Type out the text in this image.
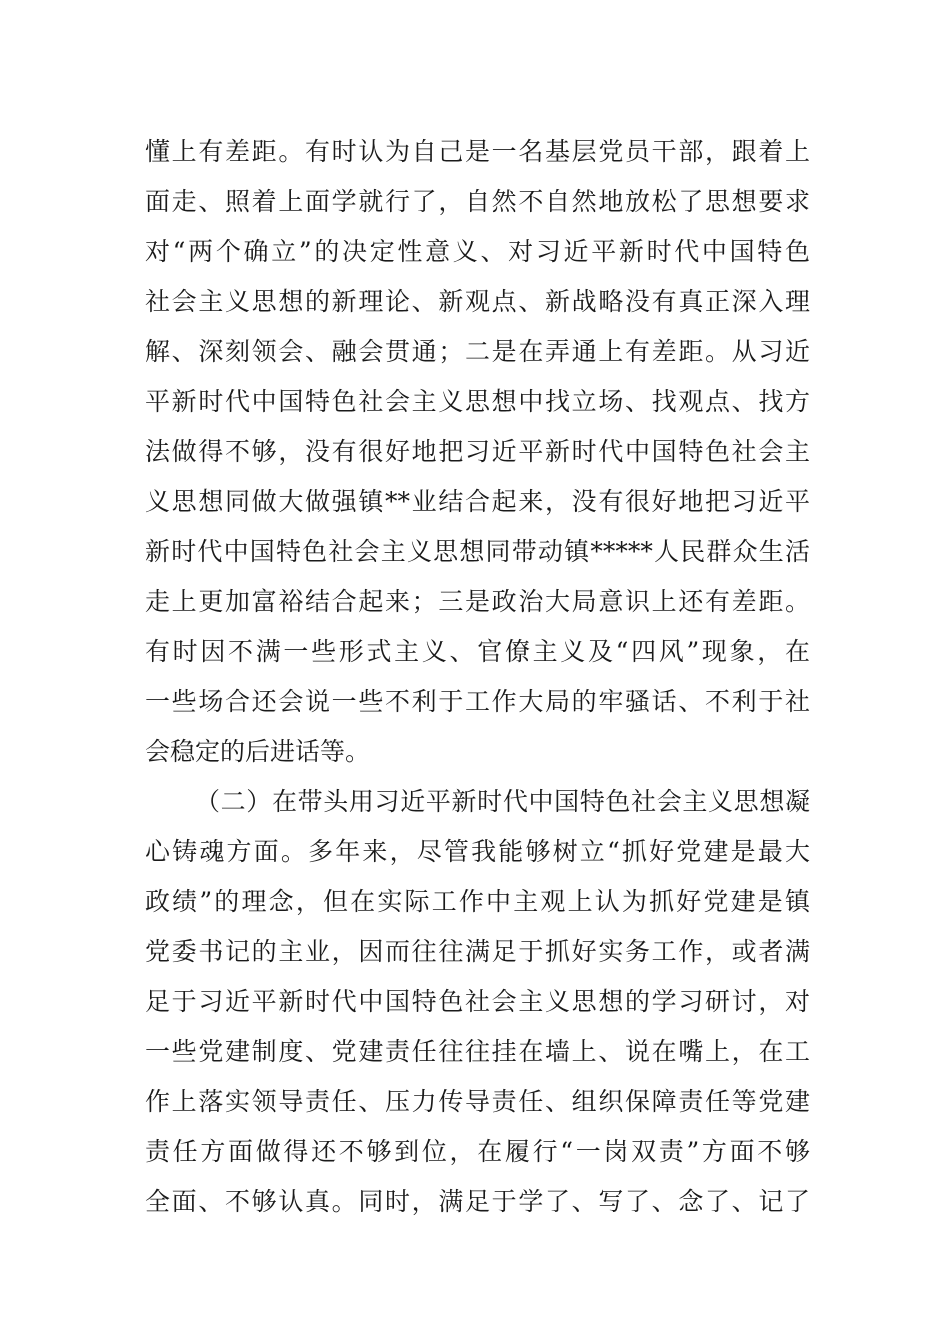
懂上有差距。有时认为自己是一名基层党员干部，跟着上
面走、照着上面学就行了，自然不自然地放松了思想要求
对“两个确立”的决定性意义、对习近平新时代中国特色
社会主义思想的新理论、新观点、新战略没有真正深入理
解、深刻领会、融会贯通；二是在弄通上有差距。从习近
平新时代中国特色社会主义思想中找立场、找观点、找方
法做得不够，没有很好地把习近平新时代中国特色社会主
义思想同做大做强镇**业结合起来，没有很好地把习近平
新时代中国特色社会主义思想同带动镇*****人民群众生活
走上更加富裕结合起来；三是政治大局意识上还有差距。
有时因不满一些形式主义、官僚主义及“四风”现象，在
一些场合还会说一些不利于工作大局的牢骚话、不利于社
会稳定的后进话等。
（二）在带头用习近平新时代中国特色社会主义思想凝
心铸魂方面。多年来，尽管我能够树立“抓好党建是最大
政绩”的理念，但在实际工作中主观上认为抓好党建是镇
党委书记的主业，因而往往满足于抓好实务工作，或者满
足于习近平新时代中国特色社会主义思想的学习研讨，对
一些党建制度、党建责任往往挂在墙上、说在嘴上，在工
作上落实领导责任、压力传导责任、组织保障责任等党建
责任方面做得还不够到位，在履行“一岗双责”方面不够
全面、不够认真。同时，满足于学了、写了、念了、记了
